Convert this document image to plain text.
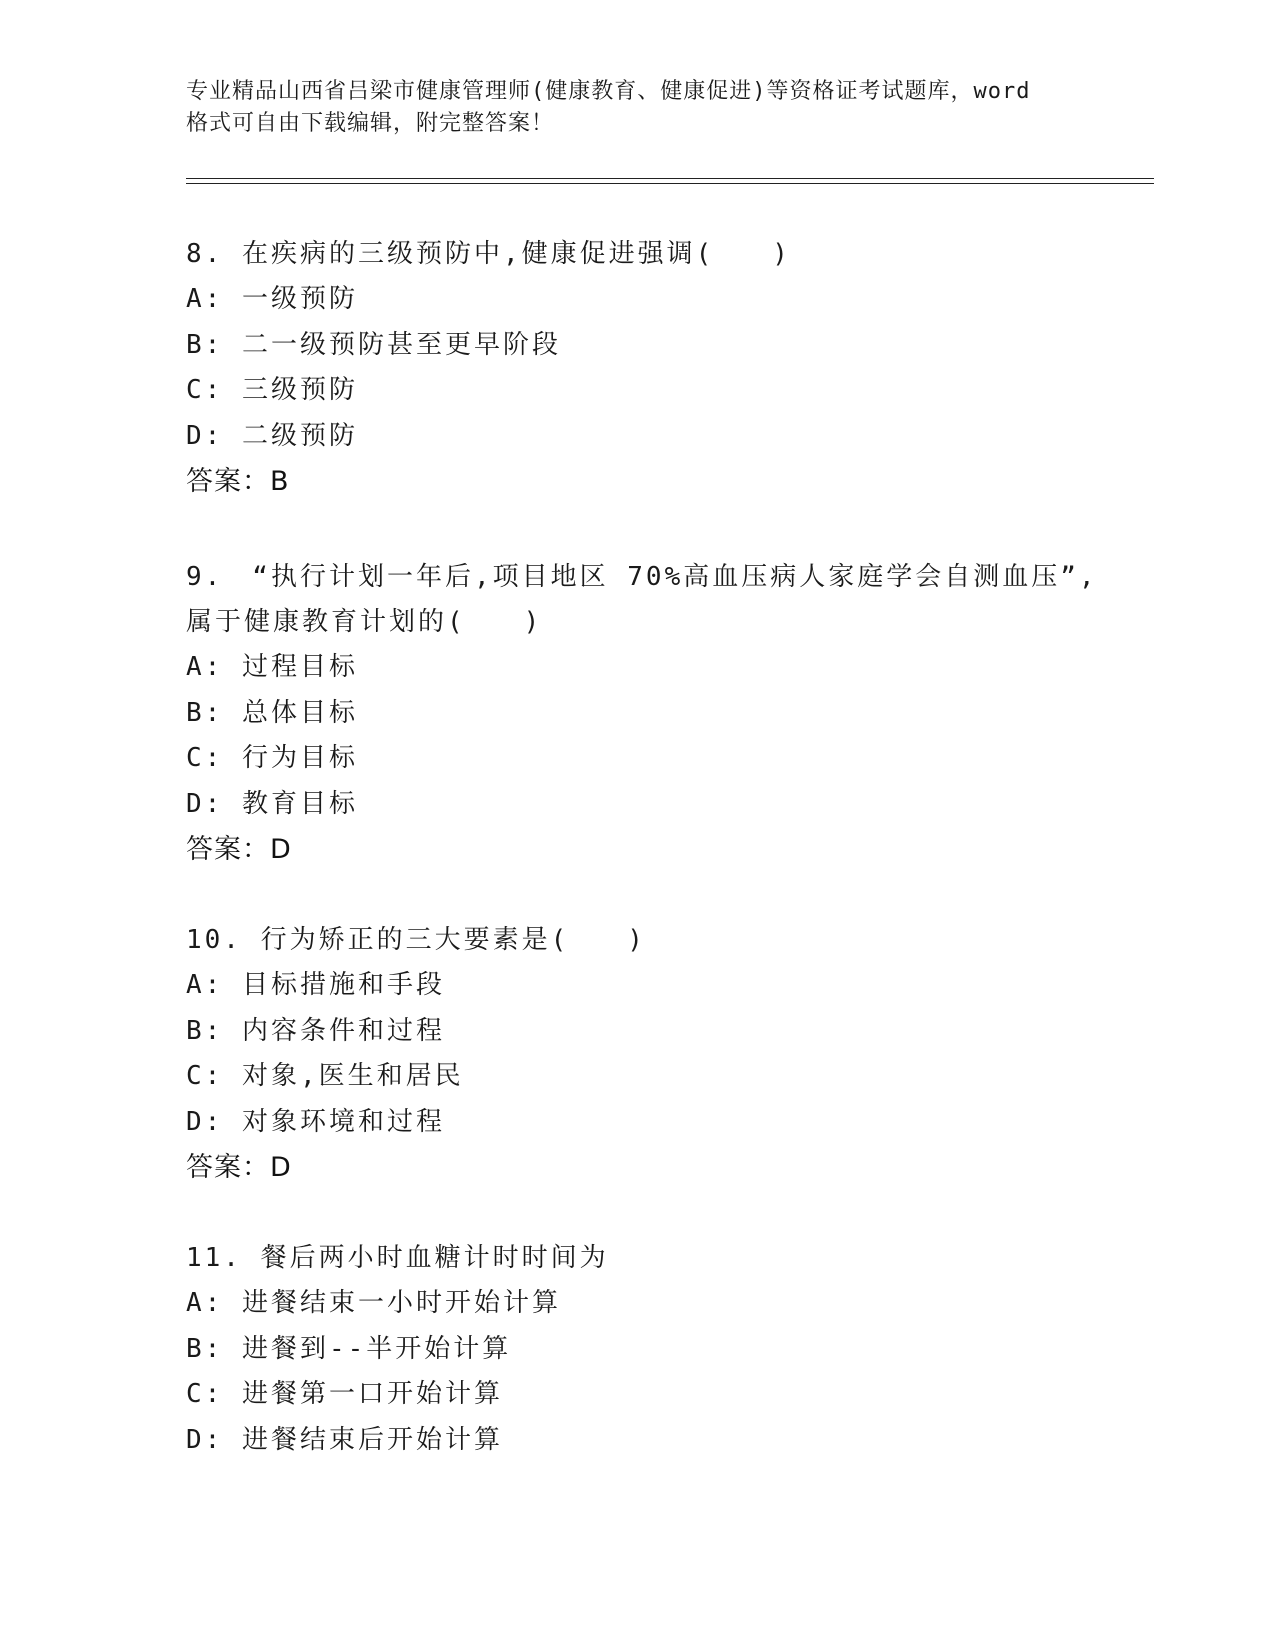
专业精品山西省吕梁市健康管理师(健康教育、健康促进)等资格证考试题库，word
格式可自由下载编辑，附完整答案！
8. 在疾病的三级预防中,健康促进强调(　　)
A: 一级预防
B: 二一级预防甚至更早阶段
C: 三级预防
D: 二级预防
答案：B
9.　“执行计划一年后,项目地区 70%高血压病人家庭学会自测血压”,
属于健康教育计划的(　　)
A: 过程目标
B: 总体目标
C: 行为目标
D: 教育目标
答案：D
10. 行为矫正的三大要素是(　　)
A: 目标措施和手段
B: 内容条件和过程
C: 对象,医生和居民
D: 对象环境和过程
答案：D
11. 餐后两小时血糖计时时间为
A: 进餐结束一小时开始计算
B: 进餐到--半开始计算
C: 进餐第一口开始计算
D: 进餐结束后开始计算
